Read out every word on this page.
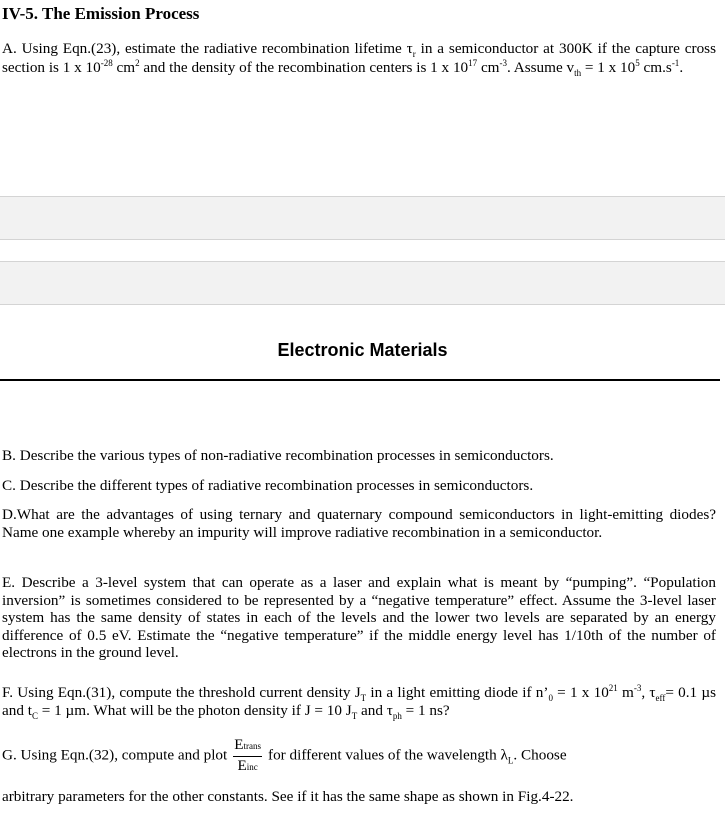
IV-5. The Emission Process

A. Using Eqn.(23), estimate the radiative recombination lifetime $\tau_r$ in a semiconductor at 300K if the capture cross section is 1 x $10^{-28}$ $cm^2$ and the density of the recombination centers is 1 x $10^{17}$ $cm^{-3}$. Assume $v_{th} = 1$ x $10^5$ $cm.s^{-1}$.

Electronic Materials

B. Describe the various types of non-radiative recombination processes in semiconductors.

C. Describe the different types of radiative recombination processes in semiconductors.

D.What are the advantages of using ternary and quaternary compound semiconductors in light-emitting diodes? Name one example whereby an impurity will improve radiative recombination in a semiconductor.

E. Describe a 3-level system that can operate as a laser and explain what is meant by “pumping”. “Population inversion” is sometimes considered to be represented by a “negative temperature” effect. Assume the 3-level laser system has the same density of states in each of the levels and the lower two levels are separated by an energy difference of 0.5 eV. Estimate the “negative temperature” if the middle energy level has 1/10th of the number of electrons in the ground level.

F. Using Eqn.(31), compute the threshold current density $J_T$ in a light emitting diode if $n’_0 = 1$ x $10^{21}$ $m^{-3}$, $\tau_{eff}= 0.1$ µs and $t_C = 1$ µm. What will be the photon density if J = 10 $J_T$ and $\tau_{ph} = 1$ ns?

G. Using Eqn.(32), compute and plot $\frac{\text{Etrans}}{\text{Einc}}$ for different values of the wavelength $\lambda_L$. Choose

arbitrary parameters for the other constants. See if it has the same shape as shown in Fig.4-22.
